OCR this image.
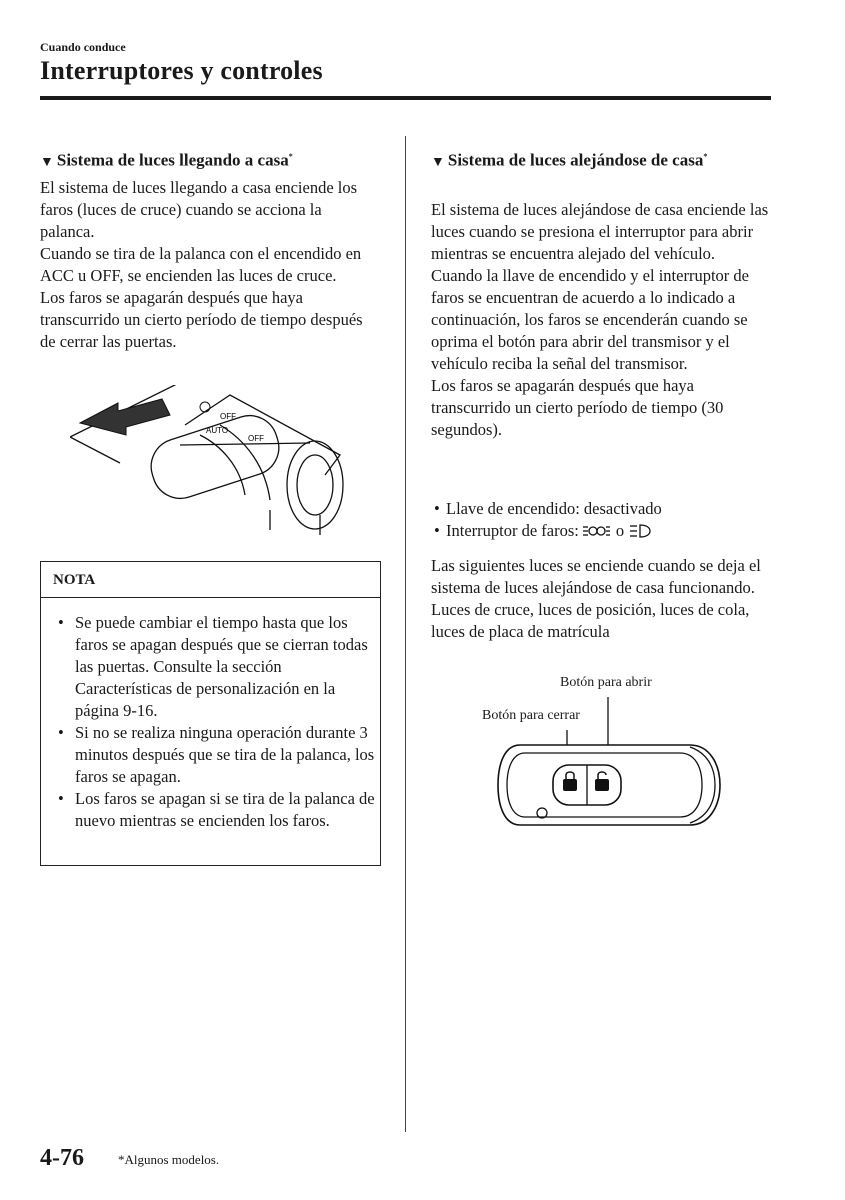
Cuando conduce
Interruptores y controles
▼ Sistema de luces llegando a casa*

El sistema de luces llegando a casa enciende los faros (luces de cruce) cuando se acciona la palanca.

Cuando se tira de la palanca con el encendido en ACC u OFF, se encienden las luces de cruce.

Los faros se apagarán después que haya transcurrido un cierto período de tiempo después de cerrar las puertas.

OFF
AUTO
OFF
NOTA
• Se puede cambiar el tiempo hasta que los faros se apagan después que se cierran todas las puertas. Consulte la sección Características de personalización en la página 9-16.
• Si no se realiza ninguna operación durante 3 minutos después que se tira de la palanca, los faros se apagan.
• Los faros se apagan si se tira de la palanca de nuevo mientras se encienden los faros.
▼ Sistema de luces alejándose de casa*

El sistema de luces alejándose de casa enciende las luces cuando se presiona el interruptor para abrir mientras se encuentra alejado del vehículo.

Cuando la llave de encendido y el interruptor de faros se encuentran de acuerdo a lo indicado a continuación, los faros se encenderán cuando se oprima el botón para abrir del transmisor y el vehículo reciba la señal del transmisor.

Los faros se apagarán después que haya transcurrido un cierto período de tiempo (30 segundos).

• Llave de encendido: desactivado
• Interruptor de faros: o

Las siguientes luces se enciende cuando se deja el sistema de luces alejándose de casa funcionando.

Luces de cruce, luces de posición, luces de cola, luces de placa de matrícula

Botón para abrir
Botón para cerrar
4-76	*Algunos modelos.
